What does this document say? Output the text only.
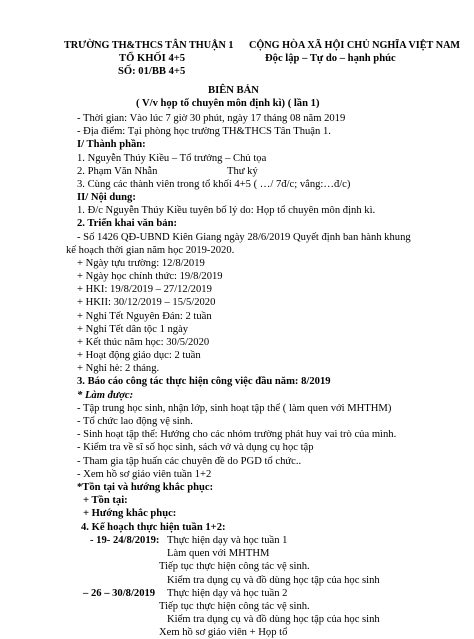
TRƯỜNG TH&THCS TÂN THUẬN 1 CỘNG HÒA XÃ HỘI CHỦ NGHĨA VIỆT NAM
TỔ KHỐI 4+5	Độc lập – Tự do – hạnh phúc
SỐ: 01/BB 4+5
BIÊN BẢN
( V/v họp tổ chuyên môn định kì) ( lần 1)
- Thời gian: Vào lúc 7 giờ 30 phút, ngày 17 tháng 08 năm 2019
- Địa điểm: Tại phòng học trường TH&THCS Tân Thuận 1.
I/ Thành phần:
1. Nguyễn Thúy Kiều – Tổ trưởng – Chủ tọa
2. Phạm Văn Nhẫn	Thư ký
3. Cùng các thành viên trong tổ khối 4+5 ( …/ 7đ/c; vắng:…đ/c)
II/ Nội dung:
1. Đ/c Nguyễn Thúy Kiều tuyên bố lý do: Họp tổ chuyên môn định kì.
2. Triển khai văn bản:
- Số 1426 QĐ-UBND Kiên Giang ngày 28/6/2019 Quyết định ban hành khung
kế hoạch thời gian năm học 2019-2020.
+ Ngày tựu trường: 12/8/2019
+ Ngày học chính thức: 19/8/2019
+ HKI: 19/8/2019 – 27/12/2019
+ HKII: 30/12/2019 – 15/5/2020
+ Nghỉ Tết Nguyên Đán: 2 tuần
+ Nghỉ Tết dân tộc 1 ngày
+ Kết thúc năm học: 30/5/2020
+ Hoạt động giáo dục: 2 tuần
+ Nghỉ hè: 2 tháng.
3. Báo cáo công tác thực hiện công việc đầu năm: 8/2019
* Làm được:
- Tập trung học sinh, nhận lớp, sinh hoạt tập thể ( làm quen với MHTHM)
- Tổ chức lao động vệ sinh.
- Sinh hoạt tập thể: Hướng cho các nhóm trường phát huy vai trò của mình.
- Kiểm tra về sĩ số học sinh, sách vở và dụng cụ học tập
- Tham gia tập huấn các chuyên đề do PGD tổ chức..
- Xem hồ sơ giáo viên tuần 1+2
*Tồn tại và hướng khắc phục:
+ Tồn tại:
+ Hướng khắc phục:
4. Kế hoạch thực hiện tuần 1+2:
- 19- 24/8/2019: Thực hiện dạy và học tuần 1
Làm quen với MHTHM
Tiếp tục thực hiện công tác vệ sinh.
Kiểm tra dụng cụ và đồ dùng học tập của học sinh
– 26 – 30/8/2019 Thực hiện dạy và học tuần 2
Tiếp tục thực hiện công tác vệ sinh.
Kiểm tra dụng cụ và đồ dùng học tập của học sinh
Xem hồ sơ giáo viên + Họp tổ
